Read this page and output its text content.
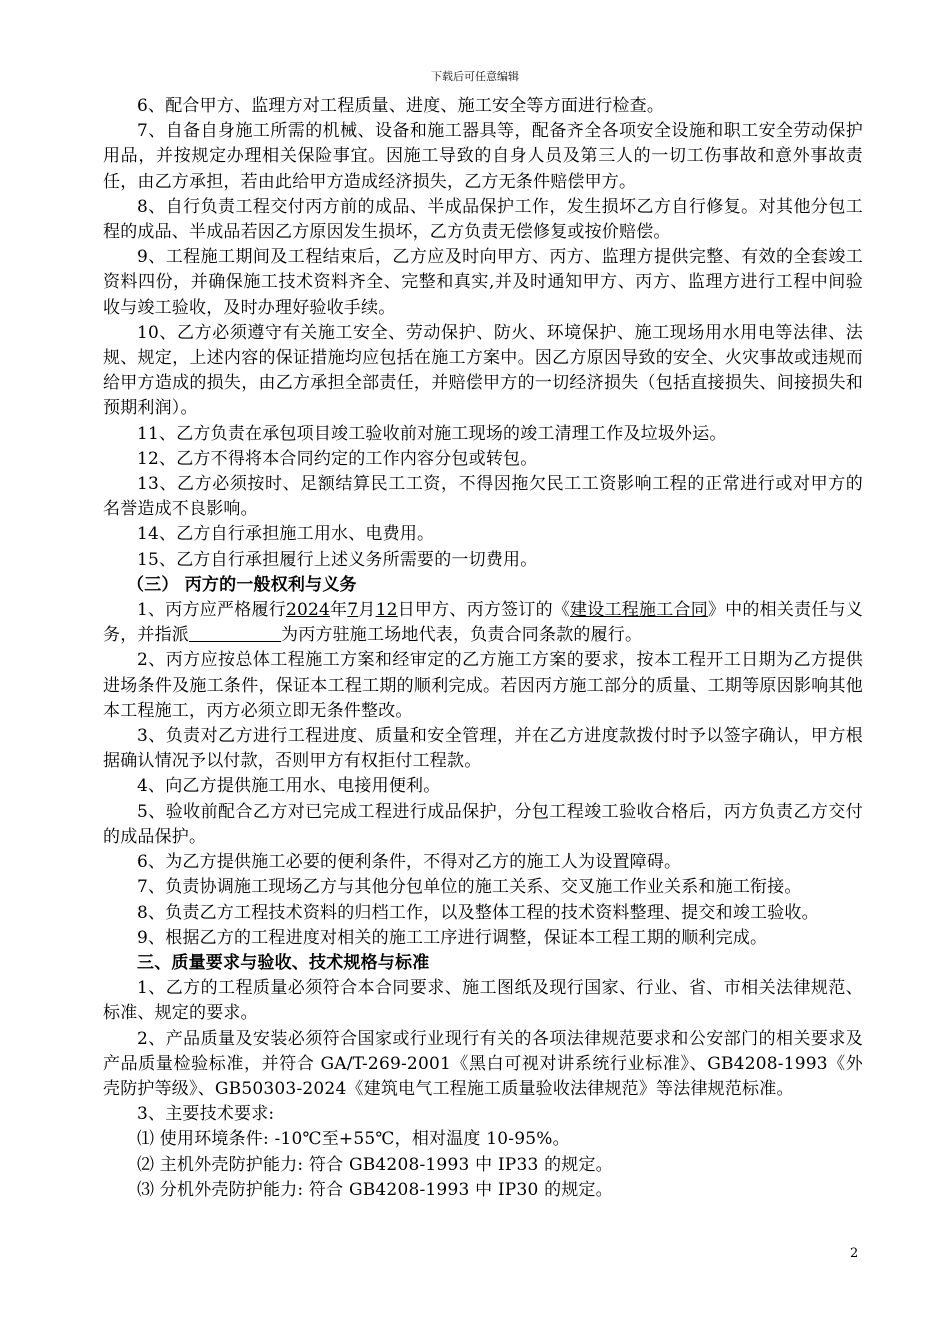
下载后可任意编辑

6、配合甲方、监理方对工程质量、进度、施工安全等方面进行检查。

7、自备自身施工所需的机械、设备和施工器具等，配备齐全各项安全设施和职工安全劳动保护用品，并按规定办理相关保险事宜。因施工导致的自身人员及第三人的一切工伤事故和意外事故责任，由乙方承担，若由此给甲方造成经济损失，乙方无条件赔偿甲方。

8、自行负责工程交付丙方前的成品、半成品保护工作，发生损坏乙方自行修复。对其他分包工程的成品、半成品若因乙方原因发生损坏，乙方负责无偿修复或按价赔偿。

9、工程施工期间及工程结束后，乙方应及时向甲方、丙方、监理方提供完整、有效的全套竣工资料四份，并确保施工技术资料齐全、完整和真实,并及时通知甲方、丙方、监理方进行工程中间验收与竣工验收，及时办理好验收手续。

10、乙方必须遵守有关施工安全、劳动保护、防火、环境保护、施工现场用水用电等法律、法规、规定，上述内容的保证措施均应包括在施工方案中。因乙方原因导致的安全、火灾事故或违规而给甲方造成的损失，由乙方承担全部责任，并赔偿甲方的一切经济损失（包括直接损失、间接损失和预期利润）。

11、乙方负责在承包项目竣工验收前对施工现场的竣工清理工作及垃圾外运。

12、乙方不得将本合同约定的工作内容分包或转包。

13、乙方必须按时、足额结算民工工资，不得因拖欠民工工资影响工程的正常进行或对甲方的名誉造成不良影响。

14、乙方自行承担施工用水、电费用。

15、乙方自行承担履行上述义务所需要的一切费用。

（三） 丙方的一般权利与义务

1、丙方应严格履行2024年7月12日甲方、丙方签订的《建设工程施工合同》中的相关责任与义务，并指派	为丙方驻施工场地代表，负责合同条款的履行。

2、丙方应按总体工程施工方案和经审定的乙方施工方案的要求，按本工程开工日期为乙方提供进场条件及施工条件，保证本工程工期的顺利完成。若因丙方施工部分的质量、工期等原因影响其他本工程施工，丙方必须立即无条件整改。

3、负责对乙方进行工程进度、质量和安全管理，并在乙方进度款拨付时予以签字确认，甲方根据确认情况予以付款，否则甲方有权拒付工程款。

4、向乙方提供施工用水、电接用便利。

5、验收前配合乙方对已完成工程进行成品保护，分包工程竣工验收合格后，丙方负责乙方交付的成品保护。

6、为乙方提供施工必要的便利条件，不得对乙方的施工人为设置障碍。

7、负责协调施工现场乙方与其他分包单位的施工关系、交叉施工作业关系和施工衔接。

8、负责乙方工程技术资料的归档工作，以及整体工程的技术资料整理、提交和竣工验收。

9、根据乙方的工程进度对相关的施工工序进行调整，保证本工程工期的顺利完成。

三、质量要求与验收、技术规格与标准

1、乙方的工程质量必须符合本合同要求、施工图纸及现行国家、行业、省、市相关法律规范、标准、规定的要求。

2、产品质量及安装必须符合国家或行业现行有关的各项法律规范要求和公安部门的相关要求及产品质量检验标准，并符合 GA/T-269-2001《黑白可视对讲系统行业标准》、GB4208-1993《外壳防护等级》、GB50303-2024《建筑电气工程施工质量验收法律规范》等法律规范标准。

3、主要技术要求:

⑴ 使用环境条件: -10℃至+55℃，相对温度 10-95%。

⑵ 主机外壳防护能力: 符合 GB4208-1993 中 IP33 的规定。

⑶ 分机外壳防护能力: 符合 GB4208-1993 中 IP30 的规定。

2
